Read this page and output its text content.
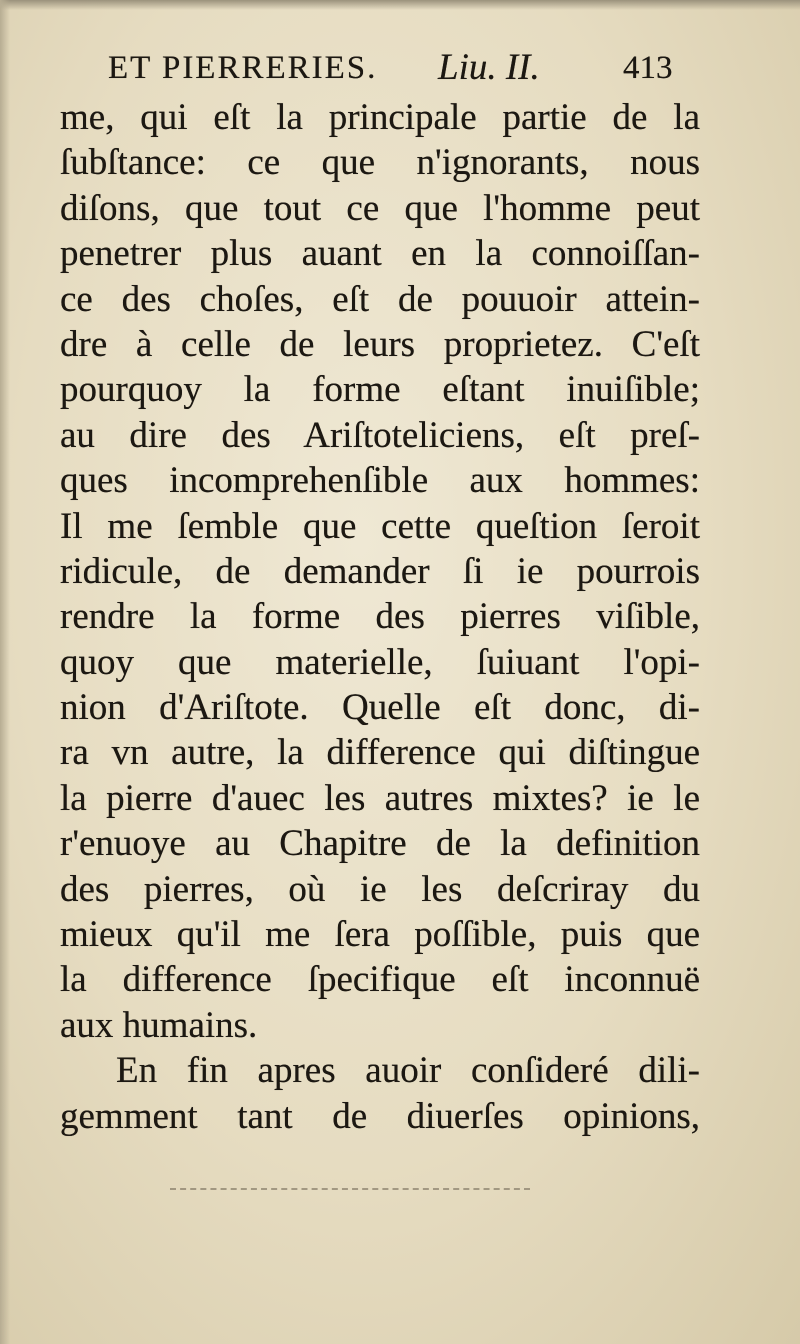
ET PIERRERIES. Liu. II.	413
me, qui eſt la principale partie de la
ſubſtance: ce que n'ignorants, nous
diſons, que tout ce que l'homme peut
penetrer plus auant en la connoiſſan-
ce des choſes, eſt de pouuoir attein-
dre à celle de leurs proprietez. C'eſt
pourquoy la forme eſtant inuiſible;
au dire des Ariſtoteliciens, eſt preſ-
ques incomprehenſible aux hommes:
Il me ſemble que cette queſtion ſeroit
ridicule, de demander ſi ie pourrois
rendre la forme des pierres viſible,
quoy que materielle, ſuiuant l'opi-
nion d'Ariſtote. Quelle eſt donc, di-
ra vn autre, la difference qui diſtingue
la pierre d'auec les autres mixtes? ie le
r'enuoye au Chapitre de la definition
des pierres, où ie les deſcriray du
mieux qu'il me ſera poſſible, puis que
la difference ſpecifique eſt inconnuë
aux humains.
En fin apres auoir conſideré dili-
gemment tant de diuerſes opinions,
